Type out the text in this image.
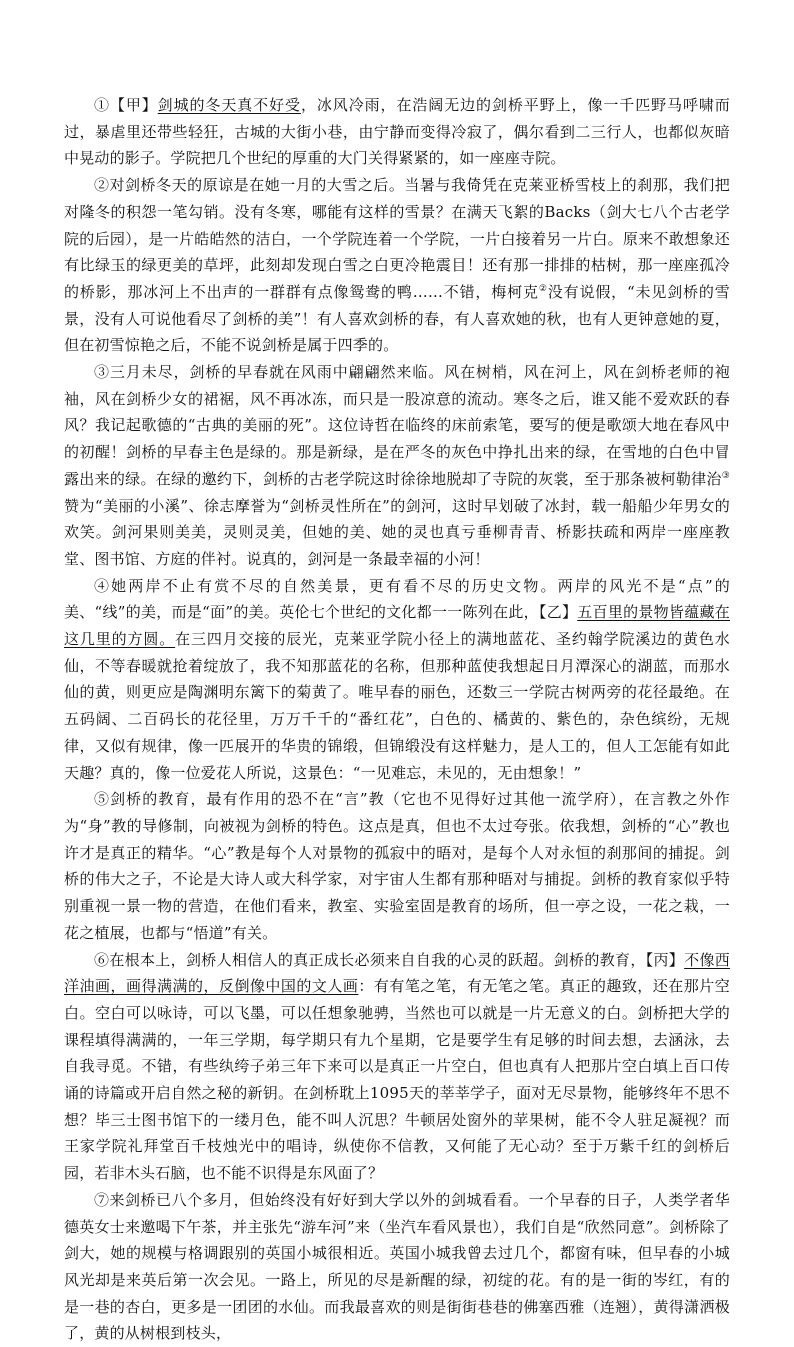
①【甲】剑城的冬天真不好受，冰风冷雨，在浩阔无边的剑桥平野上，像一千匹野马呼啸而过，暴虐里还带些轻狂，古城的大街小巷，由宁静而变得冷寂了，偶尔看到二三行人，也都似灰暗中晃动的影子。学院把几个世纪的厚重的大门关得紧紧的，如一座座寺院。

②对剑桥冬天的原谅是在她一月的大雪之后。当暑与我倚凭在克莱亚桥雪枝上的刹那，我们把对隆冬的积怨一笔勾销。没有冬寒，哪能有这样的雪景？在满天飞絮的Backs（剑大七八个古老学院的后园），是一片皓皓然的洁白，一个学院连着一个学院，一片白接着另一片白。原来不敢想象还有比绿玉的绿更美的草坪，此刻却发现白雪之白更冷艳震目！还有那一排排的枯树，那一座座孤冷的桥影，那冰河上不出声的一群群有点像鸳鸯的鸭……不错，梅柯克②没有说假，“未见剑桥的雪景，没有人可说他看尽了剑桥的美”！有人喜欢剑桥的春，有人喜欢她的秋，也有人更钟意她的夏，但在初雪惊艳之后，不能不说剑桥是属于四季的。

③三月未尽，剑桥的早春就在风雨中翩翩然来临。风在树梢，风在河上，风在剑桥老师的袍袖，风在剑桥少女的裙裾，风不再冰冻，而只是一股凉意的流动。寒冬之后，谁又能不爱欢跃的春风？我记起歌德的“古典的美丽的死”。这位诗哲在临终的床前索笔，要写的便是歌颂大地在春风中的初醒！剑桥的早春主色是绿的。那是新绿，是在严冬的灰色中挣扎出来的绿，在雪地的白色中冒露出来的绿。在绿的邀约下，剑桥的古老学院这时徐徐地脱却了寺院的灰裳，至于那条被柯勒律治③赞为“美丽的小溪”、徐志摩誉为“剑桥灵性所在”的剑河，这时早划破了冰封，载一船船少年男女的欢笑。剑河果则美美，灵则灵美，但她的美、她的灵也真亏垂柳青青、桥影扶疏和两岸一座座教堂、图书馆、方庭的伴衬。说真的，剑河是一条最幸福的小河！

④她两岸不止有赏不尽的自然美景，更有看不尽的历史文物。两岸的风光不是“点”的美、“线”的美，而是“面”的美。英伦七个世纪的文化都一一陈列在此，【乙】五百里的景物皆蕴藏在这几里的方圆。在三四月交接的辰光，克莱亚学院小径上的满地蓝花、圣约翰学院溪边的黄色水仙，不等春暖就抢着绽放了，我不知那蓝花的名称，但那种蓝使我想起日月潭深心的湖蓝，而那水仙的黄，则更应是陶渊明东篱下的菊黄了。唯早春的丽色，还数三一学院古树两旁的花径最绝。在五码阔、二百码长的花径里，万万千千的“番红花”，白色的、橘黄的、紫色的，杂色缤纷，无规律，又似有规律，像一匹展开的华贵的锦缎，但锦缎没有这样魅力，是人工的，但人工怎能有如此天趣？真的，像一位爱花人所说，这景色：“一见难忘，未见的，无由想象！”

⑤剑桥的教育，最有作用的恐不在“言”教（它也不见得好过其他一流学府），在言教之外作为“身”教的导修制，向被视为剑桥的特色。这点是真，但也不太过夸张。依我想，剑桥的“心”教也许才是真正的精华。“心”教是每个人对景物的孤寂中的晤对，是每个人对永恒的刹那间的捕捉。剑桥的伟大之子，不论是大诗人或大科学家，对宇宙人生都有那种晤对与捕捉。剑桥的教育家似乎特别重视一景一物的营造，在他们看来，教室、实验室固是教育的场所，但一亭之设，一花之栽，一花之植展，也都与“悟道”有关。

⑥在根本上，剑桥人相信人的真正成长必须来自自我的心灵的跃超。剑桥的教育，【丙】不像西洋油画，画得满满的，反倒像中国的文人画：有有笔之笔，有无笔之笔。真正的趣致，还在那片空白。空白可以咏诗，可以飞墨，可以任想象驰骋，当然也可以就是一片无意义的白。剑桥把大学的课程填得满满的，一年三学期，每学期只有九个星期，它是要学生有足够的时间去想，去涵泳，去自我寻觅。不错，有些纨绔子弟三年下来可以是真正一片空白，但也真有人把那片空白填上百口传诵的诗篇或开启自然之秘的新钥。在剑桥耽上1095天的莘莘学子，面对无尽景物，能够终年不思不想？毕三士图书馆下的一缕月色，能不叫人沉思？牛顿居处窗外的苹果树，能不令人驻足凝视？而王家学院礼拜堂百千枝烛光中的唱诗，纵使你不信教，又何能了无心动？至于万紫千红的剑桥后园，若非木头石脑，也不能不识得是东风面了？

⑦来剑桥已八个多月，但始终没有好好到大学以外的剑城看看。一个早春的日子，人类学者华德英女士来邀喝下午茶，并主张先“游车河”来（坐汽车看风景也），我们自是“欣然同意”。剑桥除了剑大，她的规模与格调跟别的英国小城很相近。英国小城我曾去过几个，都窗有味，但早春的小城风光却是来英后第一次会见。一路上，所见的尽是新醒的绿，初绽的花。有的是一街的岑红，有的是一巷的杏白，更多是一团团的水仙。而我最喜欢的则是街街巷巷的佛塞西雅（连翘），黄得潇洒极了，黄的从树根到枝头，
